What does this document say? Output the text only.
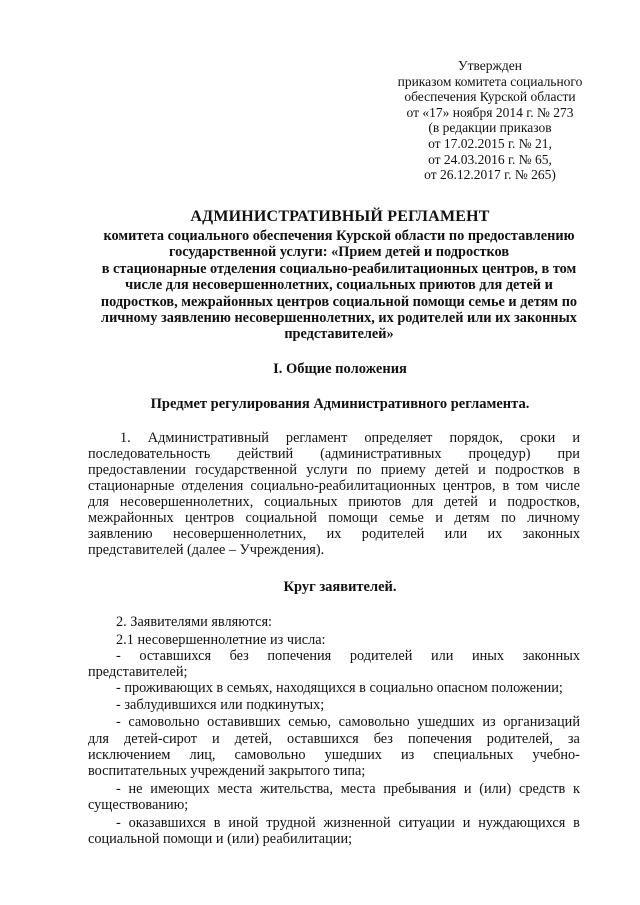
Утвержден
приказом комитета социального
обеспечения Курской области
от «17» ноября 2014 г. № 273
(в редакции приказов
от 17.02.2015 г. № 21,
от 24.03.2016 г. № 65,
от 26.12.2017 г. № 265)
АДМИНИСТРАТИВНЫЙ РЕГЛАМЕНТ
комитета социального обеспечения Курской области по предоставлению
государственной услуги: «Прием детей и подростков
в стационарные отделения социально-реабилитационных центров, в том
числе для несовершеннолетних, социальных приютов для детей и
подростков, межрайонных центров социальной помощи семье и детям по
личному заявлению несовершеннолетних, их родителей или их законных
представителей»
I. Общие положения
Предмет регулирования Административного регламента.
1. Административный регламент определяет порядок, сроки и
последовательность действий (административных процедур) при
предоставлении государственной услуги по приему детей и подростков в
стационарные отделения социально-реабилитационных центров, в том числе
для несовершеннолетних, социальных приютов для детей и подростков,
межрайонных центров социальной помощи семье и детям по личному
заявлению несовершеннолетних, их родителей или их законных
представителей (далее – Учреждения).
Круг заявителей.
2. Заявителями являются:
2.1 несовершеннолетние из числа:
- оставшихся без попечения родителей или иных законных
представителей;
- проживающих в семьях, находящихся в социально опасном положении;
- заблудившихся или подкинутых;
- самовольно оставивших семью, самовольно ушедших из организаций
для детей-сирот и детей, оставшихся без попечения родителей, за
исключением лиц, самовольно ушедших из специальных учебно-
воспитательных учреждений закрытого типа;
- не имеющих места жительства, места пребывания и (или) средств к
существованию;
- оказавшихся в иной трудной жизненной ситуации и нуждающихся в
социальной помощи и (или) реабилитации;
